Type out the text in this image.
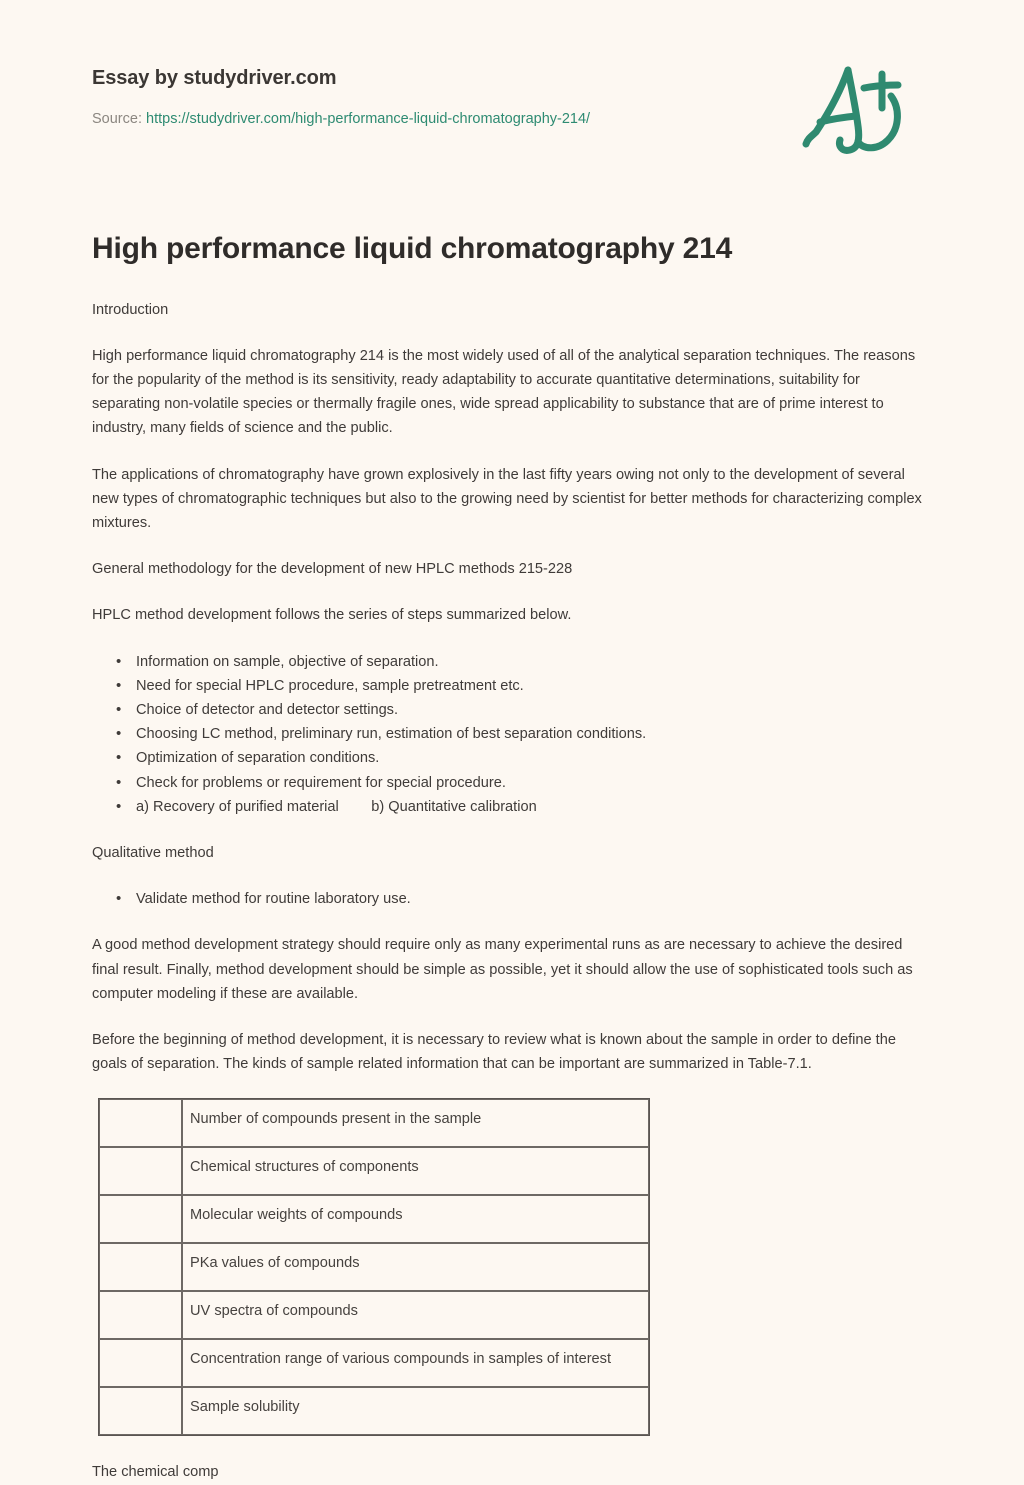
Essay by studydriver.com
Source: https://studydriver.com/high-performance-liquid-chromatography-214/
High performance liquid chromatography 214

Introduction

High performance liquid chromatography 214 is the most widely used of all of the analytical separation techniques. The reasons for the popularity of the method is its sensitivity, ready adaptability to accurate quantitative determinations, suitability for separating non-volatile species or thermally fragile ones, wide spread applicability to substance that are of prime interest to industry, many fields of science and the public.

The applications of chromatography have grown explosively in the last fifty years owing not only to the development of several new types of chromatographic techniques but also to the growing need by scientist for better methods for characterizing complex mixtures.

General methodology for the development of new HPLC methods 215-228

HPLC method development follows the series of steps summarized below.

• Information on sample, objective of separation.
• Need for special HPLC procedure, sample pretreatment etc.
• Choice of detector and detector settings.
• Choosing LC method, preliminary run, estimation of best separation conditions.
• Optimization of separation conditions.
• Check for problems or requirement for special procedure.
• a) Recovery of purified material        b) Quantitative calibration

Qualitative method

• Validate method for routine laboratory use.

A good method development strategy should require only as many experimental runs as are necessary to achieve the desired final result. Finally, method development should be simple as possible, yet it should allow the use of sophisticated tools such as computer modeling if these are available.

Before the beginning of method development, it is necessary to review what is known about the sample in order to define the goals of separation. The kinds of sample related information that can be important are summarized in Table-7.1.

	Number of compounds present in the sample
	Chemical structures of components
	Molecular weights of compounds
	PKa values of compounds
	UV spectra of compounds
	Concentration range of various compounds in samples of interest
	Sample solubility

The chemical comp
